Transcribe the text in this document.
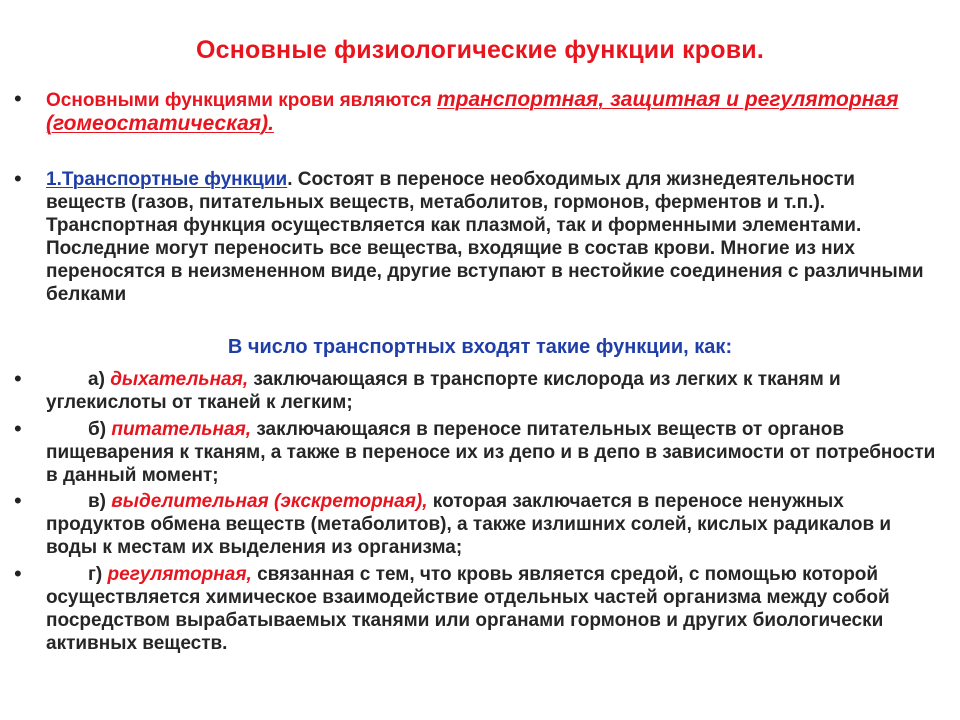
Основные физиологические функции крови.
• Основными функциями крови являются транспортная, защитная и регуляторная (гомеостатическая).
• 1.Транспортные функции. Состоят в переносе необходимых для жизнедеятельности веществ (газов, питательных веществ, метаболитов, гормонов, ферментов и т.п.). Транспортная функция осуществляется как плазмой, так и форменными элементами. Последние могут переносить все вещества, входящие в состав крови. Многие из них переносятся в неизмененном виде, другие вступают в нестойкие соединения с различными белками
В число транспортных входят такие функции, как:
•	а) дыхательная, заключающаяся в транспорте кислорода из легких к тканям и углекислоты от тканей к легким;
•	б) питательная, заключающаяся в переносе питательных веществ от органов пищеварения к тканям, а также в переносе их из депо и в депо в зависимости от потребности в данный момент;
•	в) выделительная (экскреторная), которая заключается в переносе ненужных продуктов обмена веществ (метаболитов), а также излишних солей, кислых радикалов и воды к местам их выделения из организма;
•	г) регуляторная, связанная с тем, что кровь является средой, с помощью которой осуществляется химическое взаимодействие отдельных частей организма между собой посредством вырабатываемых тканями или органами гормонов и других биологически активных веществ.
